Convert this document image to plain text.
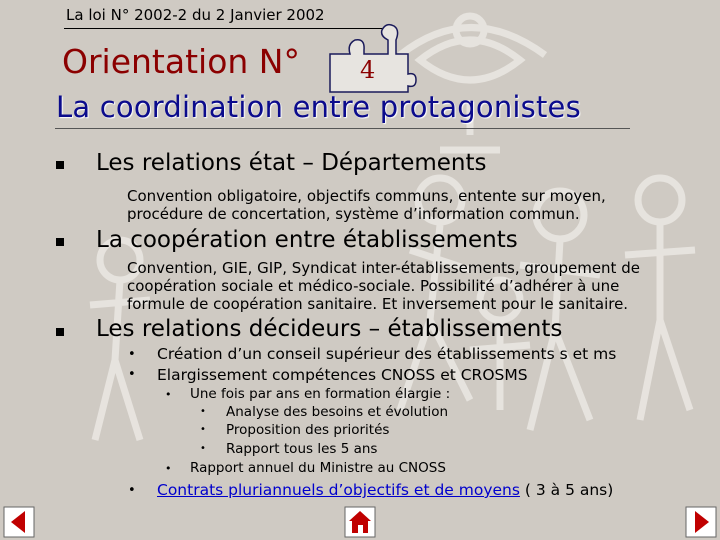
La loi N° 2002-2 du 2 Janvier 2002
Orientation N°	4
La coordination entre protagonistes
Les relations état – Départements
Convention obligatoire, objectifs communs, entente sur moyen,
procédure de concertation, système d’information commun.
La coopération entre établissements
Convention, GIE, GIP, Syndicat inter-établissements, groupement de
coopération sociale et médico-sociale. Possibilité d’adhérer à une
formule de coopération sanitaire. Et inversement pour le sanitaire.
Les relations décideurs – établissements
• Création d’un conseil supérieur des établissements s et ms
• Elargissement compétences CNOSS et CROSMS
• Une fois par ans en formation élargie :
• Analyse des besoins et évolution
• Proposition des priorités
• Rapport tous les 5 ans
• Rapport annuel du Ministre au CNOSS
• Contrats pluriannuels d’objectifs et de moyens ( 3 à 5 ans)
